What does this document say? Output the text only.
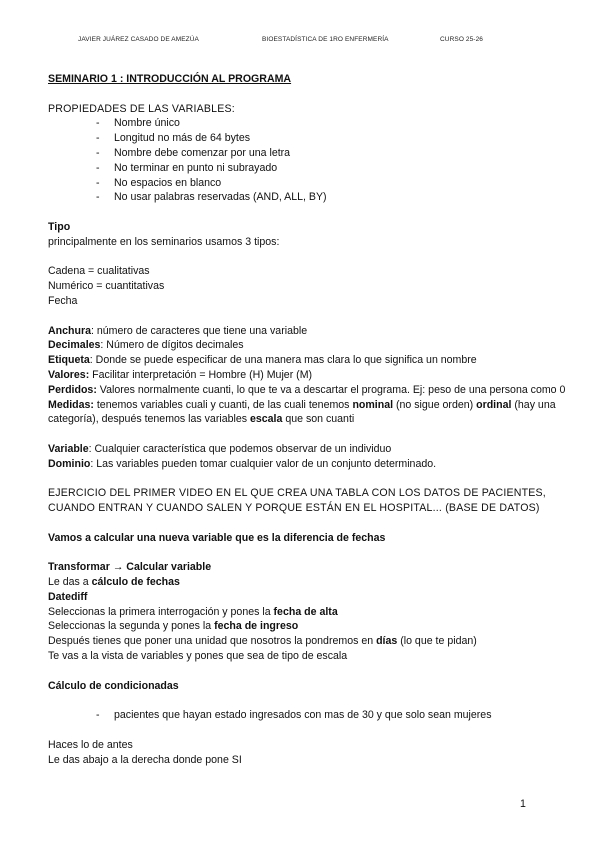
JAVIER JUÁREZ CASADO DE AMEZÚA	BIOESTADÍSTICA DE 1RO ENFERMERÍA	CURSO 25-26

SEMINARIO 1 : INTRODUCCIÓN AL PROGRAMA

PROPIEDADES DE LAS VARIABLES:

- Nombre único
- Longitud no más de 64 bytes
- Nombre debe comenzar por una letra
- No terminar en punto ni subrayado
- No espacios en blanco
- No usar palabras reservadas (AND, ALL, BY)

Tipo

principalmente en los seminarios usamos 3 tipos:

Cadena = cualitativas

Numérico = cuantitativas

Fecha

Anchura: número de caracteres que tiene una variable

Decimales: Número de dígitos decimales

Etiqueta: Donde se puede especificar de una manera mas clara lo que significa un nombre

Valores: Facilitar interpretación = Hombre (H) Mujer (M)

Perdidos: Valores normalmente cuanti, lo que te va a descartar el programa. Ej: peso de una persona como 0

Medidas: tenemos variables cuali y cuanti, de las cuali tenemos nominal (no sigue orden) ordinal (hay una categoría), después tenemos las variables escala que son cuanti

Variable: Cualquier característica que podemos observar de un individuo

Dominio: Las variables pueden tomar cualquier valor de un conjunto determinado.

EJERCICIO DEL PRIMER VIDEO EN EL QUE CREA UNA TABLA CON LOS DATOS DE PACIENTES, CUANDO ENTRAN Y CUANDO SALEN Y PORQUE ESTÁN EN EL HOSPITAL... (BASE DE DATOS)

Vamos a calcular una nueva variable que es la diferencia de fechas

Transformar → Calcular variable

Le das a cálculo de fechas

Datediff

Seleccionas la primera interrogación y pones la fecha de alta

Seleccionas la segunda y pones la fecha de ingreso

Después tienes que poner una unidad que nosotros la pondremos en días (lo que te pidan)

Te vas a la vista de variables y pones que sea de tipo de escala

Cálculo de condicionadas

- pacientes que hayan estado ingresados con mas de 30 y que solo sean mujeres

Haces lo de antes

Le das abajo a la derecha donde pone SI

1
